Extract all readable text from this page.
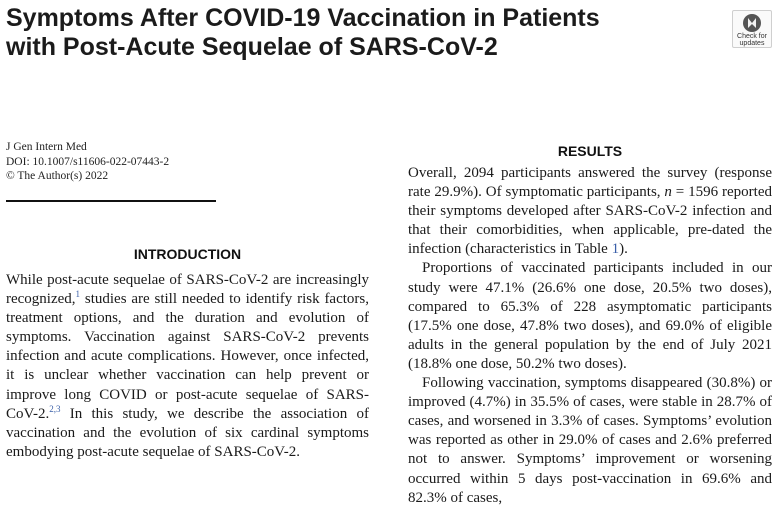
Symptoms After COVID-19 Vaccination in Patients with Post-Acute Sequelae of SARS-CoV-2	Check for
updates
J Gen Intern Med
DOI: 10.1007/s11606-022-07443-2
© The Author(s) 2022
INTRODUCTION

While post-acute sequelae of SARS-CoV-2 are increasingly recognized,$^1$ studies are still needed to identify risk factors, treatment options, and the duration and evolution of symptoms. Vaccination against SARS-CoV-2 prevents infection and acute complications. However, once infected, it is unclear whether vaccination can help prevent or improve long COVID or post-acute sequelae of SARS-CoV-2.$^{2,3}$ In this study, we describe the association of vaccination and the evolution of six cardinal symptoms embodying post-acute sequelae of SARS-CoV-2.

RESULTS

Overall, 2094 participants answered the survey (response rate 29.9%). Of symptomatic participants, n = 1596 reported their symptoms developed after SARS-CoV-2 infection and that their comorbidities, when applicable, pre-dated the infection (characteristics in Table 1).

Proportions of vaccinated participants included in our study were 47.1% (26.6% one dose, 20.5% two doses), compared to 65.3% of 228 asymptomatic participants (17.5% one dose, 47.8% two doses), and 69.0% of eligible adults in the general population by the end of July 2021 (18.8% one dose, 50.2% two doses).

Following vaccination, symptoms disappeared (30.8%) or improved (4.7%) in 35.5% of cases, were stable in 28.7% of cases, and worsened in 3.3% of cases. Symptoms’ evolution was reported as other in 29.0% of cases and 2.6% preferred not to answer. Symptoms’ improvement or worsening occurred within 5 days post-vaccination in 69.6% and 82.3% of cases,
